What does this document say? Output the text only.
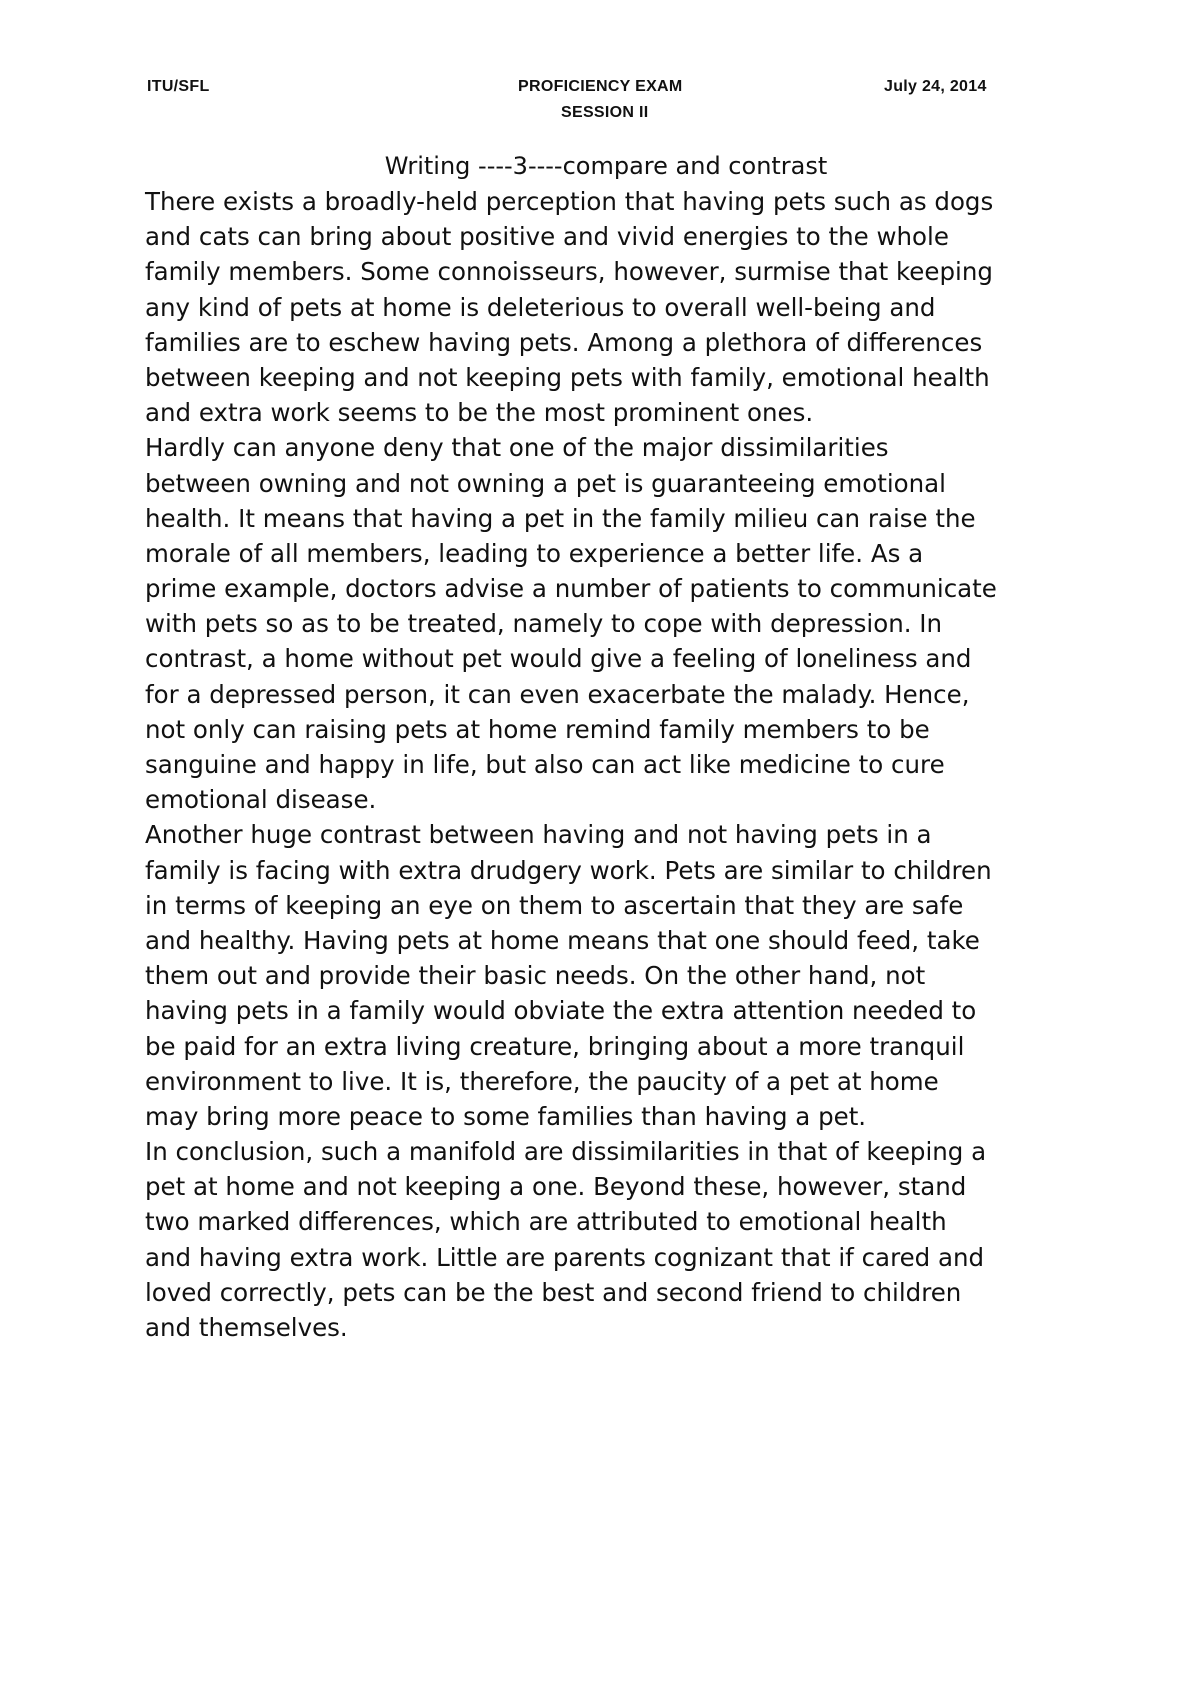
ITU/SFL	PROFICIENCY EXAM	July 24, 2014
SESSION II
Writing ----3----compare and contrast
There exists a broadly-held perception that having pets such as dogs
and cats can bring about positive and vivid energies to the whole
family members. Some connoisseurs, however, surmise that keeping
any kind of pets at home is deleterious to overall well-being and
families are to eschew having pets. Among a plethora of differences
between keeping and not keeping pets with family, emotional health
and extra work seems to be the most prominent ones.
Hardly can anyone deny that one of the major dissimilarities
between owning and not owning a pet is guaranteeing emotional
health. It means that having a pet in the family milieu can raise the
morale of all members, leading to experience a better life. As a
prime example, doctors advise a number of patients to communicate
with pets so as to be treated, namely to cope with depression. In
contrast, a home without pet would give a feeling of loneliness and
for a depressed person, it can even exacerbate the malady. Hence,
not only can raising pets at home remind family members to be
sanguine and happy in life, but also can act like medicine to cure
emotional disease.
Another huge contrast between having and not having pets in a
family is facing with extra drudgery work. Pets are similar to children
in terms of keeping an eye on them to ascertain that they are safe
and healthy. Having pets at home means that one should feed, take
them out and provide their basic needs. On the other hand, not
having pets in a family would obviate the extra attention needed to
be paid for an extra living creature, bringing about a more tranquil
environment to live. It is, therefore, the paucity of a pet at home
may bring more peace to some families than having a pet.
In conclusion, such a manifold are dissimilarities in that of keeping a
pet at home and not keeping a one. Beyond these, however, stand
two marked differences, which are attributed to emotional health
and having extra work. Little are parents cognizant that if cared and
loved correctly, pets can be the best and second friend to children
and themselves.
